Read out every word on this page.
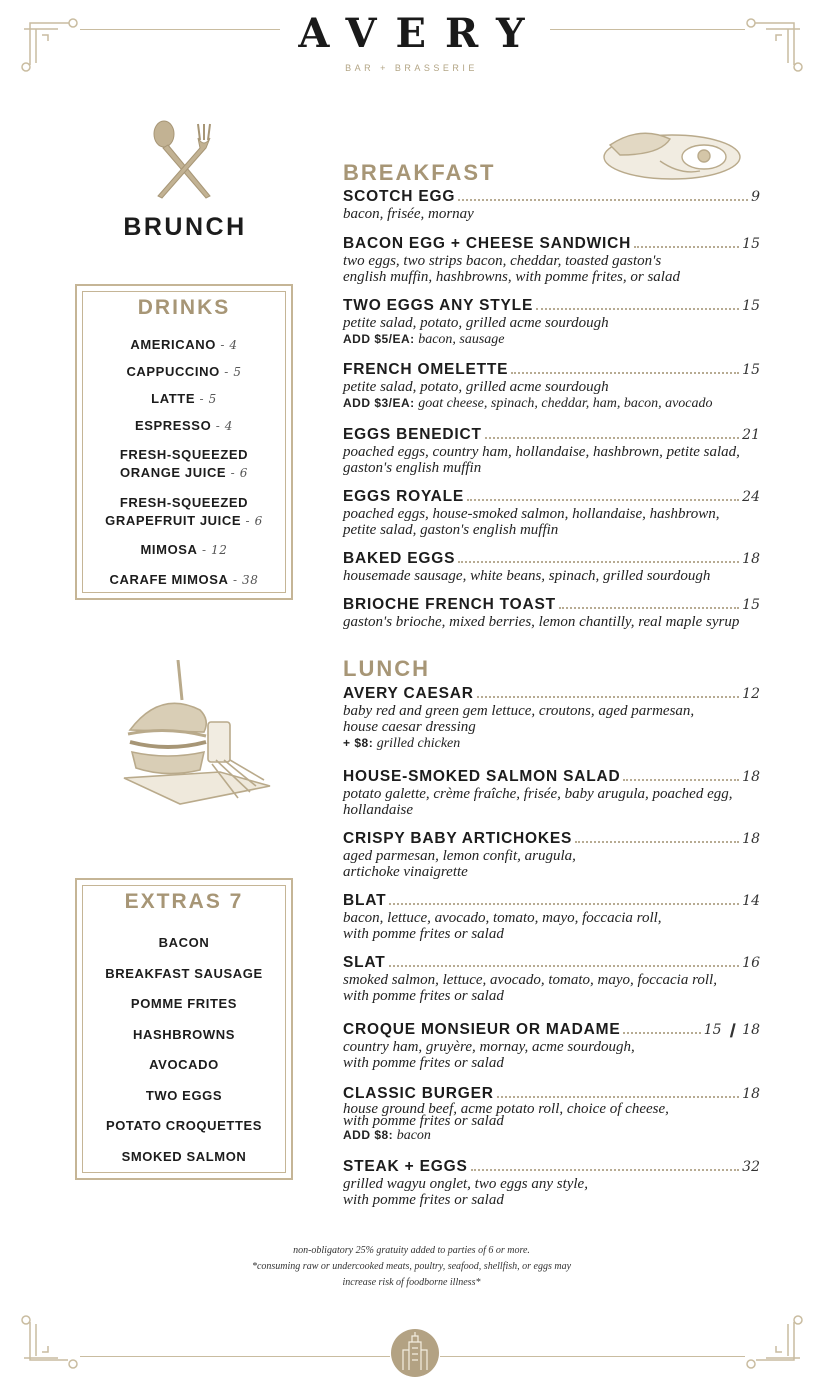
AVERY
BAR + BRASSERIE
BRUNCH
DRINKS
AMERICANO - 4
CAPPUCCINO - 5
LATTE - 5
ESPRESSO - 4
FRESH-SQUEEZED
ORANGE JUICE - 6
FRESH-SQUEEZED
GRAPEFRUIT JUICE - 6
MIMOSA - 12
CARAFE MIMOSA - 38
EXTRAS 7
BACON
BREAKFAST SAUSAGE
POMME FRITES
HASHBROWNS
AVOCADO
TWO EGGS
POTATO CROQUETTES
SMOKED SALMON
BREAKFAST
SCOTCH EGG	9
bacon, frisée, mornay
BACON EGG + CHEESE SANDWICH	15
two eggs, two strips bacon, cheddar, toasted gaston's
english muffin, hashbrowns, with pomme frites, or salad
TWO EGGS ANY STYLE	15
petite salad, potato, grilled acme sourdough
ADD $5/EA: bacon, sausage
FRENCH OMELETTE	15
petite salad, potato, grilled acme sourdough
ADD $3/EA: goat cheese, spinach, cheddar, ham, bacon, avocado
EGGS BENEDICT	21
poached eggs, country ham, hollandaise, hashbrown, petite salad,
gaston's english muffin
EGGS ROYALE	24
poached eggs, house-smoked salmon, hollandaise, hashbrown,
petite salad, gaston's english muffin
BAKED EGGS	18
housemade sausage, white beans, spinach, grilled sourdough
BRIOCHE FRENCH TOAST	15
gaston's brioche, mixed berries, lemon chantilly, real maple syrup
LUNCH
AVERY CAESAR	12
baby red and green gem lettuce, croutons, aged parmesan,
house caesar dressing
+ $8: grilled chicken
HOUSE-SMOKED SALMON SALAD	18
potato galette, crème fraîche, frisée, baby arugula, poached egg,
hollandaise
CRISPY BABY ARTICHOKES	18
aged parmesan, lemon confit, arugula,
artichoke vinaigrette
BLAT	14
bacon, lettuce, avocado, tomato, mayo, foccacia roll,
with pomme frites or salad
SLAT	16
smoked salmon, lettuce, avocado, tomato, mayo, foccacia roll,
with pomme frites or salad
CROQUE MONSIEUR OR MADAME	15 ❙ 18
country ham, gruyère, mornay, acme sourdough,
with pomme frites or salad
CLASSIC BURGER	18
house ground beef, acme potato roll, choice of cheese,
with pomme frites or salad
ADD $8: bacon
STEAK + EGGS	32
grilled wagyu onglet, two eggs any style,
with pomme frites or salad
non-obligatory 25% gratuity added to parties of 6 or more.
*consuming raw or undercooked meats, poultry, seafood, shellfish, or eggs may
increase risk of foodborne illness*
